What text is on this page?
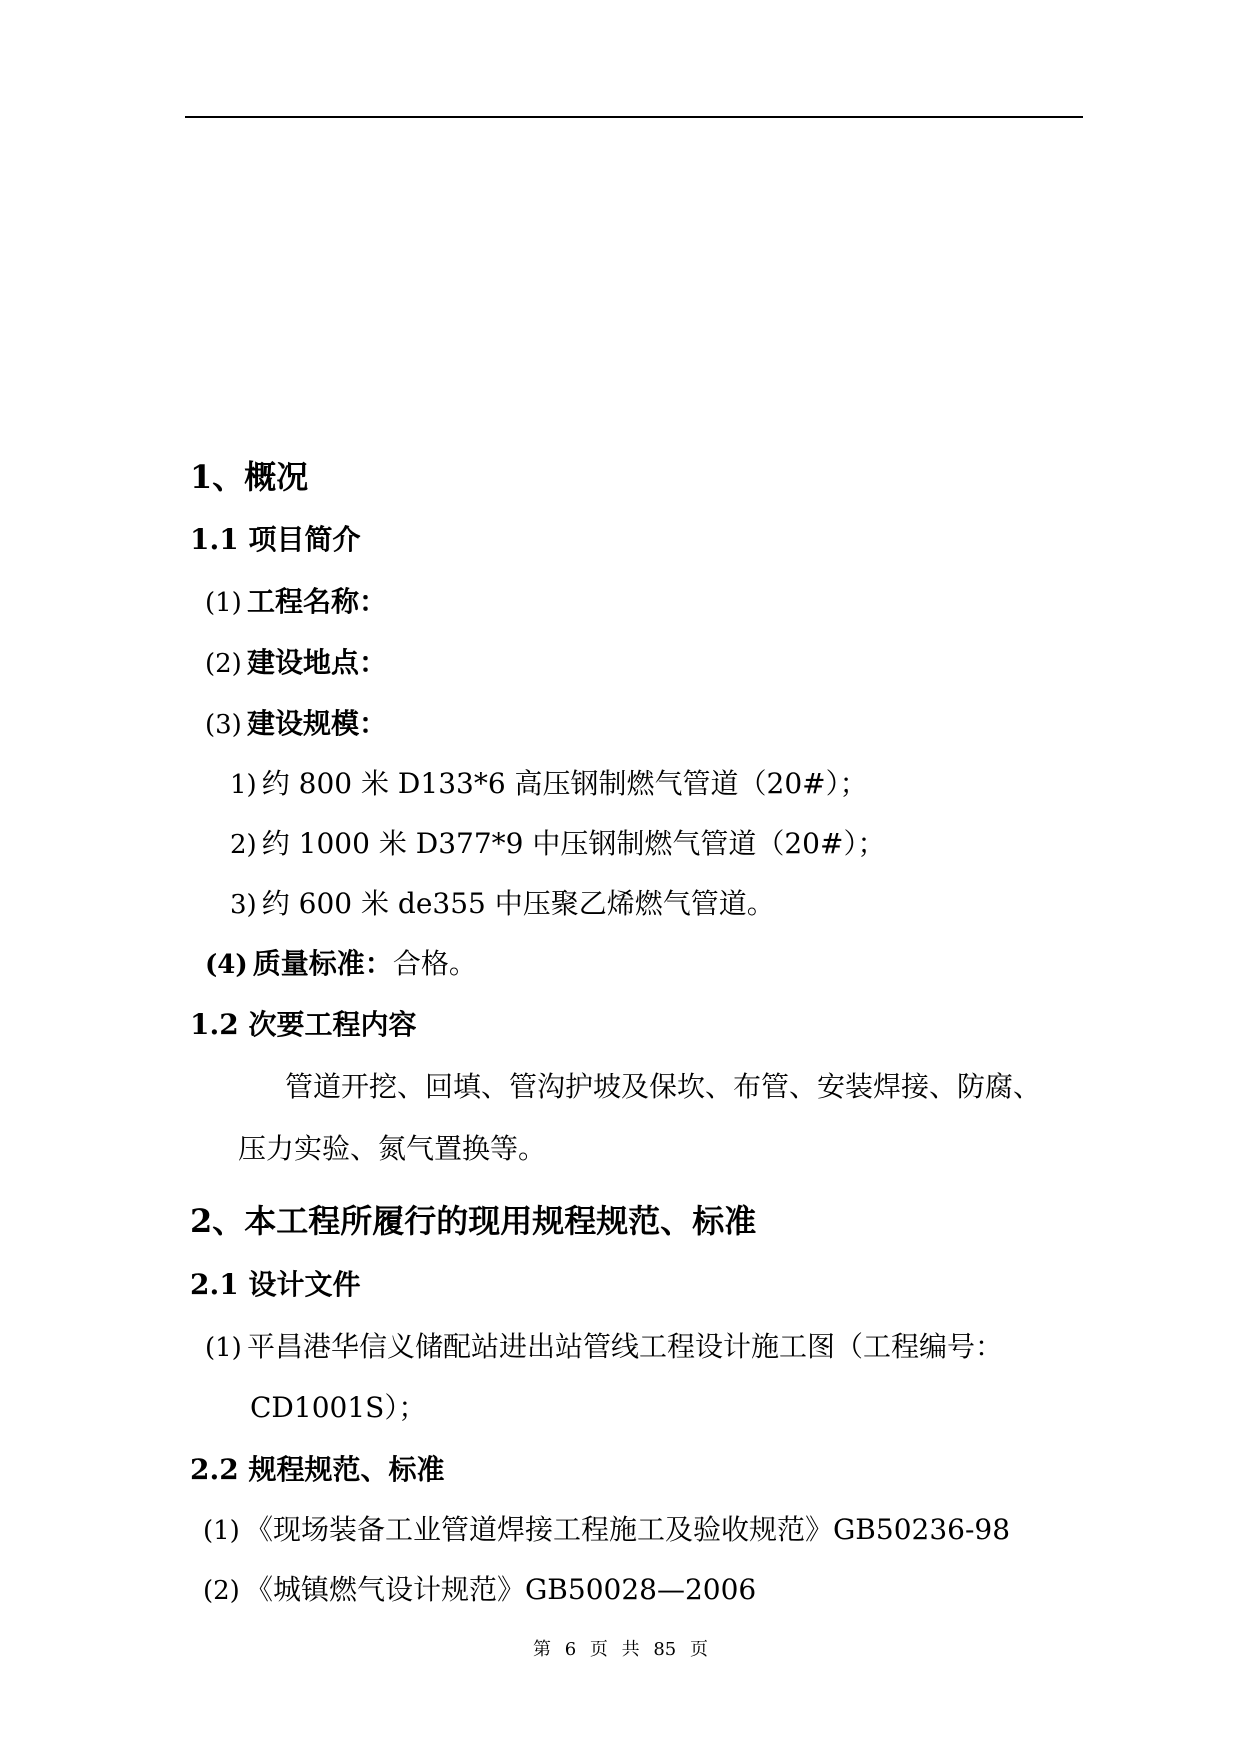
1、概况
1.1 项目简介
(1) 工程名称：
(2) 建设地点：
(3) 建设规模：
1) 约 800 米 D133*6 高压钢制燃气管道（20#）；
2) 约 1000 米 D377*9 中压钢制燃气管道（20#）；
3) 约 600 米 de355 中压聚乙烯燃气管道。
(4) 质量标准：合格。
1.2 次要工程内容
管道开挖、回填、管沟护坡及保坎、布管、安装焊接、防腐、
压力实验、氮气置换等。
2、本工程所履行的现用规程规范、标准
2.1 设计文件
(1) 平昌港华信义储配站进出站管线工程设计施工图（工程编号：
CD1001S）；
2.2 规程规范、标准
(1) 《现场装备工业管道焊接工程施工及验收规范》GB50236-98
(2) 《城镇燃气设计规范》GB50028—2006
第 6 页 共 85 页
